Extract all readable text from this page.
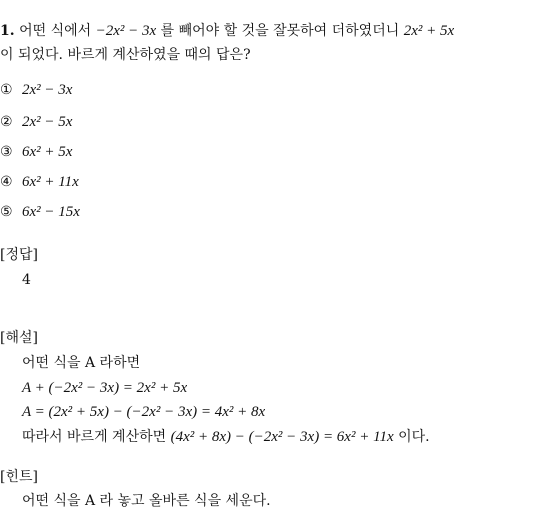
1. 어떤 식에서 −2x² − 3x 를 빼어야 할 것을 잘못하여 더하였더니 2x² + 5x
이 되었다. 바르게 계산하였을 때의 답은?
① 2x² − 3x
② 2x² − 5x
③ 6x² + 5x
④ 6x² + 11x
⑤ 6x² − 15x
[정답]
4
[해설]
어떤 식을 A 라하면
A + (−2x² − 3x) = 2x² + 5x
A = (2x² + 5x) − (−2x² − 3x) = 4x² + 8x
따라서 바르게 계산하면 (4x² + 8x) − (−2x² − 3x) = 6x² + 11x 이다.
[힌트]
어떤 식을 A 라 놓고 올바른 식을 세운다.
